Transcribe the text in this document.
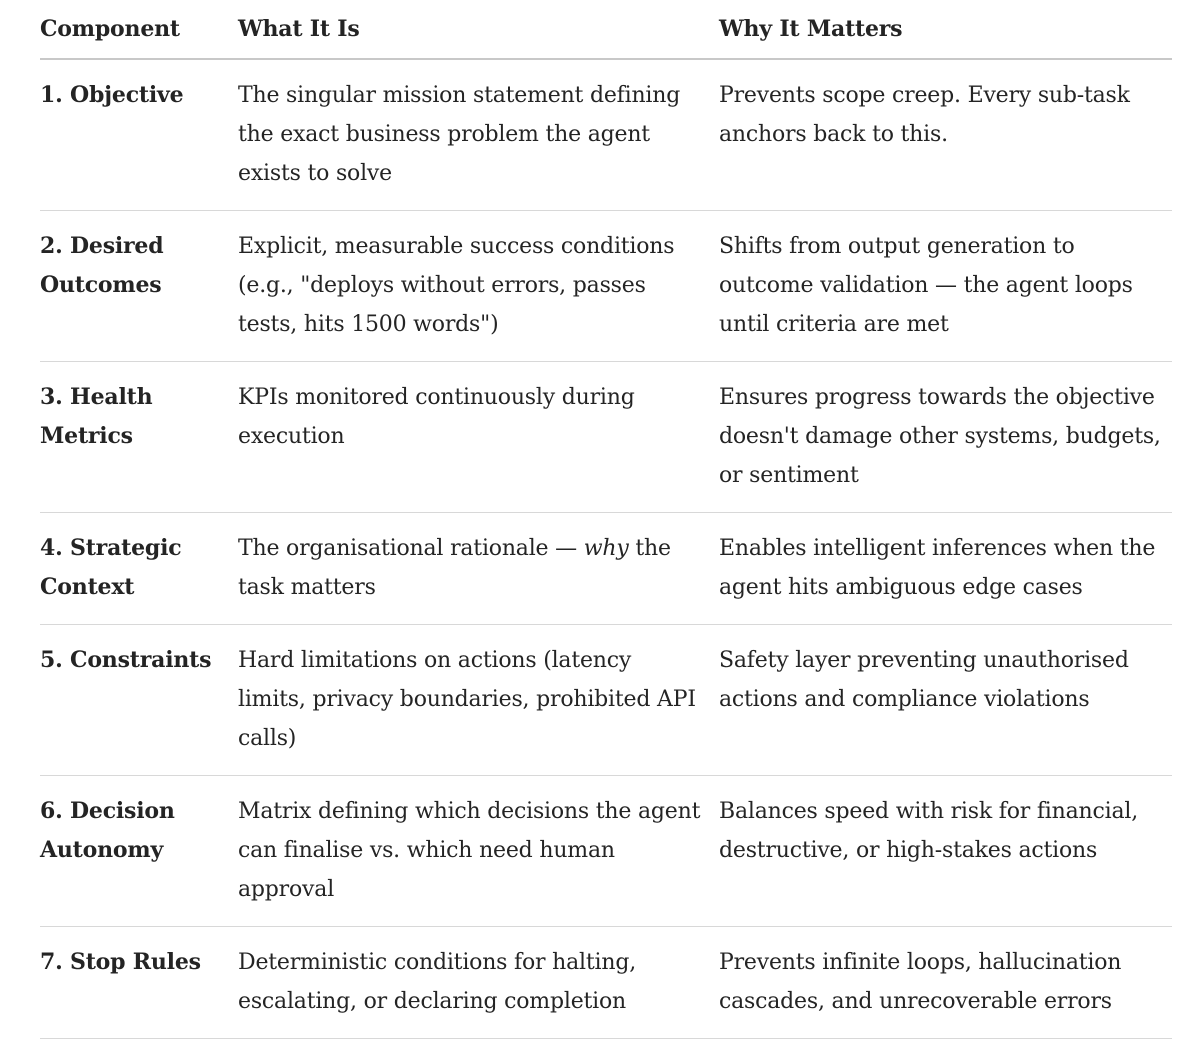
Component	What It Is	Why It Matters
1. Objective	The singular mission statement defining the exact business problem the agent exists to solve	Prevents scope creep. Every sub-task anchors back to this.
2. Desired Outcomes	Explicit, measurable success conditions (e.g., "deploys without errors, passes tests, hits 1500 words")	Shifts from output generation to outcome validation — the agent loops until criteria are met
3. Health Metrics	KPIs monitored continuously during execution	Ensures progress towards the objective doesn't damage other systems, budgets, or sentiment
4. Strategic Context	The organisational rationale — why the task matters	Enables intelligent inferences when the agent hits ambiguous edge cases
5. Constraints	Hard limitations on actions (latency limits, privacy boundaries, prohibited API calls)	Safety layer preventing unauthorised actions and compliance violations
6. Decision Autonomy	Matrix defining which decisions the agent can finalise vs. which need human approval	Balances speed with risk for financial, destructive, or high-stakes actions
7. Stop Rules	Deterministic conditions for halting, escalating, or declaring completion	Prevents infinite loops, hallucination cascades, and unrecoverable errors
